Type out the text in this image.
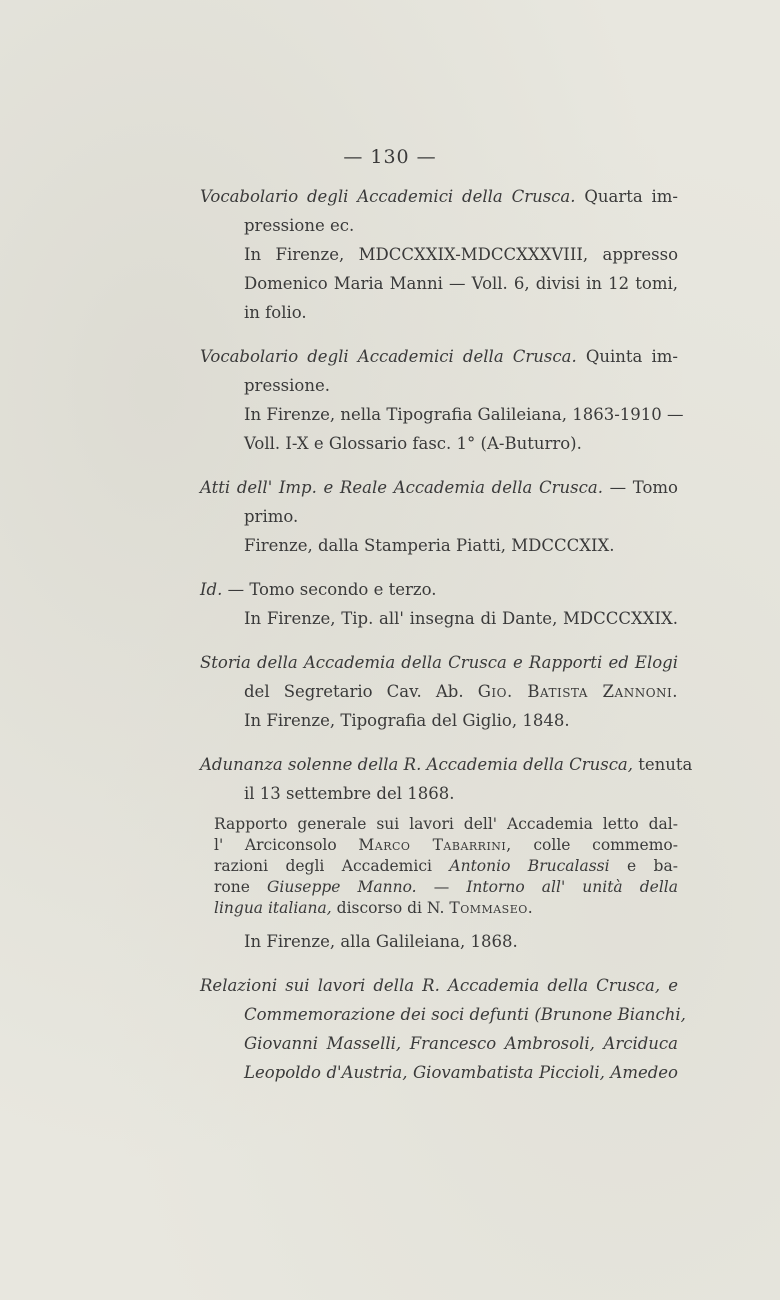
— 130 —
Vocabolario degli Accademici della Crusca. Quarta im-
pressione ec.
In Firenze, MDCCXXIX-MDCCXXXVIII, appresso
Domenico Maria Manni — Voll. 6, divisi in 12 tomi,
in folio.
Vocabolario degli Accademici della Crusca. Quinta im-
pressione.
In Firenze, nella Tipografia Galileiana, 1863-1910 —
Voll. I-X e Glossario fasc. 1° (A-Buturro).
Atti dell' Imp. e Reale Accademia della Crusca. — Tomo
primo.
Firenze, dalla Stamperia Piatti, MDCCCXIX.
Id. — Tomo secondo e terzo.
In Firenze, Tip. all' insegna di Dante, MDCCCXXIX.
Storia della Accademia della Crusca e Rapporti ed Elogi
del Segretario Cav. Ab. Gio. Batista Zannoni.
In Firenze, Tipografia del Giglio, 1848.
Adunanza solenne della R. Accademia della Crusca, tenuta
il 13 settembre del 1868.
Rapporto generale sui lavori dell' Accademia letto dal-
l' Arciconsolo Marco Tabarrini, colle commemo-
razioni degli Accademici Antonio Brucalassi e ba-
rone Giuseppe Manno. — Intorno all' unità della
lingua italiana, discorso di N. Tommaseo.
In Firenze, alla Galileiana, 1868.
Relazioni sui lavori della R. Accademia della Crusca, e
Commemorazione dei soci defunti (Brunone Bianchi,
Giovanni Masselli, Francesco Ambrosoli, Arciduca
Leopoldo d'Austria, Giovambatista Piccioli, Amedeo
